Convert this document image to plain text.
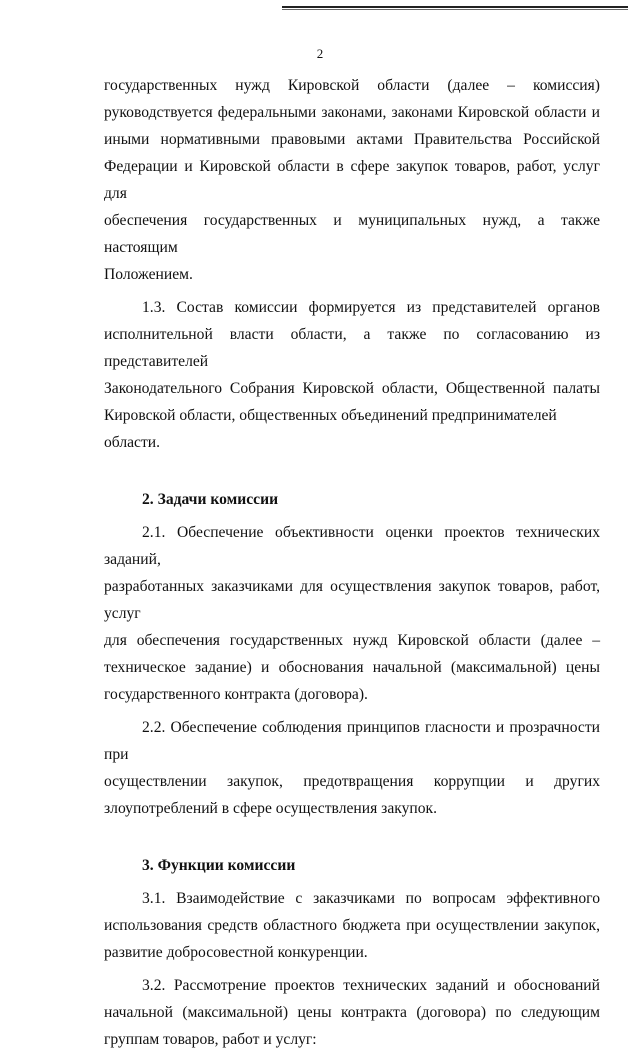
2
государственных нужд Кировской области (далее – комиссия)
руководствуется федеральными законами, законами Кировской области и
иными нормативными правовыми актами Правительства Российской
Федерации и Кировской области в сфере закупок товаров, работ, услуг для
обеспечения государственных и муниципальных нужд, а также настоящим
Положением.
1.3. Состав комиссии формируется из представителей органов
исполнительной власти области, а также по согласованию из представителей
Законодательного Собрания Кировской области, Общественной палаты
Кировской области, общественных объединений предпринимателей области.
2. Задачи комиссии
2.1. Обеспечение объективности оценки проектов технических заданий,
разработанных заказчиками для осуществления закупок товаров, работ, услуг
для обеспечения государственных нужд Кировской области (далее –
техническое задание) и обоснования начальной (максимальной) цены
государственного контракта (договора).
2.2. Обеспечение соблюдения принципов гласности и прозрачности при
осуществлении закупок, предотвращения коррупции и других
злоупотреблений в сфере осуществления закупок.
3. Функции комиссии
3.1. Взаимодействие с заказчиками по вопросам эффективного
использования средств областного бюджета при осуществлении закупок,
развитие добросовестной конкуренции.
3.2. Рассмотрение проектов технических заданий и обоснований
начальной (максимальной) цены контракта (договора) по следующим
группам товаров, работ и услуг:
